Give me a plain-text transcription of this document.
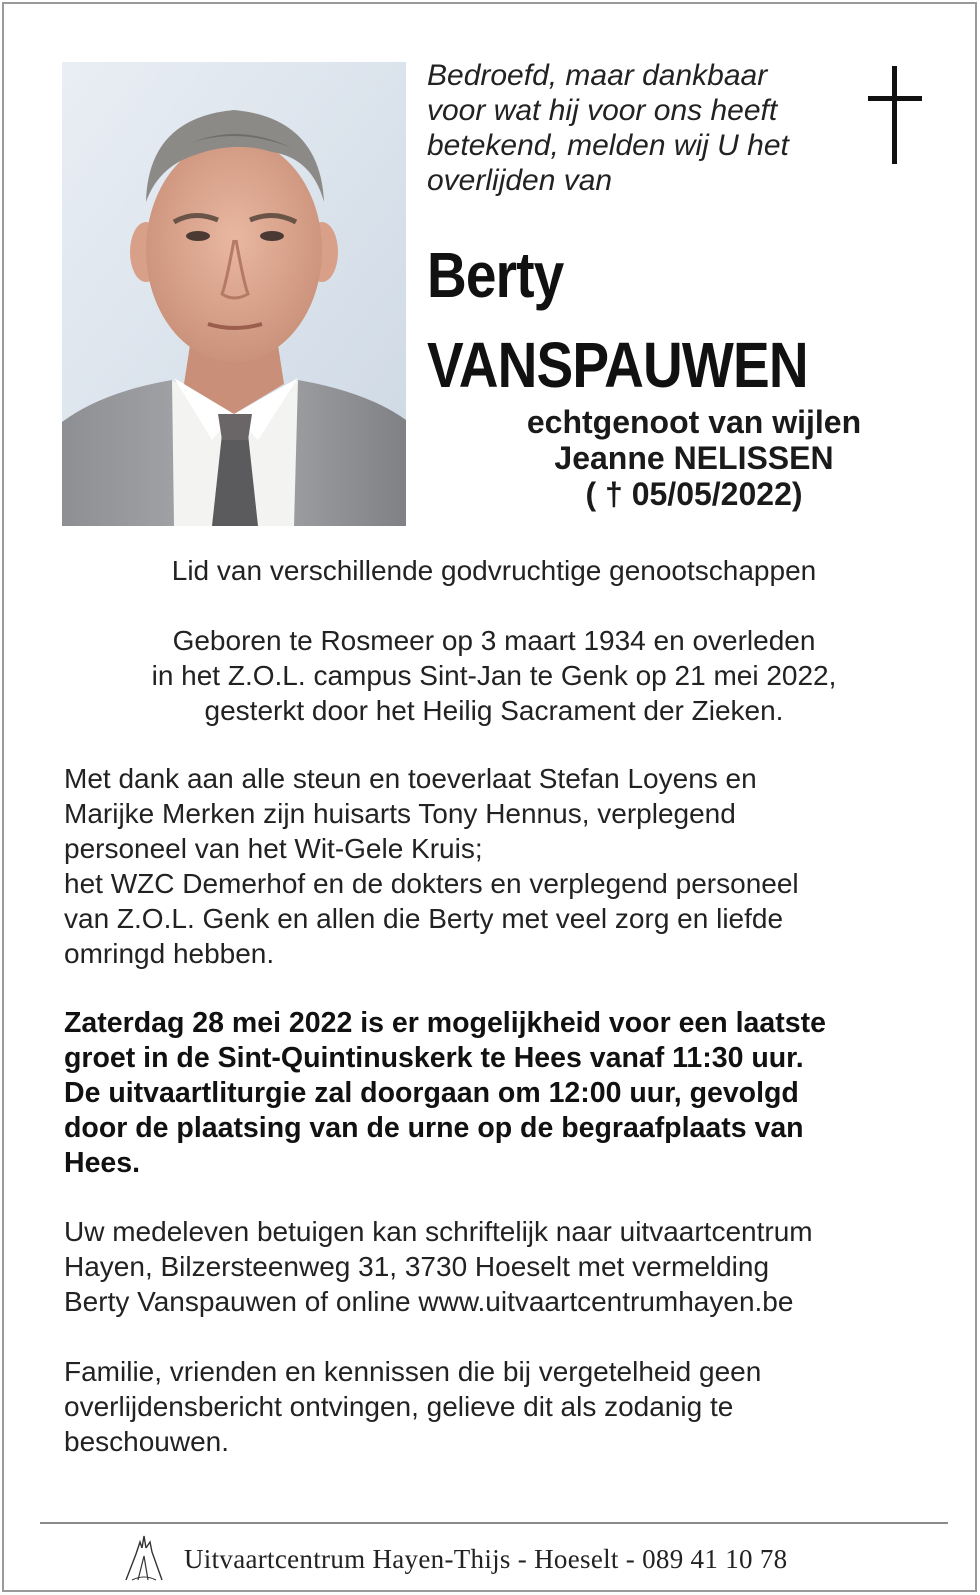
Bedroefd, maar dankbaar
voor wat hij voor ons heeft
betekend, melden wij U het
overlijden van
Berty
VANSPAUWEN
echtgenoot van wijlen
Jeanne NELISSEN
( † 05/05/2022)
Lid van verschillende godvruchtige genootschappen
Geboren te Rosmeer op 3 maart 1934 en overleden
in het Z.O.L. campus Sint-Jan te Genk op 21 mei 2022,
gesterkt door het Heilig Sacrament der Zieken.
Met dank aan alle steun en toeverlaat Stefan Loyens en
Marijke Merken zijn huisarts Tony Hennus, verplegend
personeel van het Wit-Gele Kruis;
het WZC Demerhof en de dokters en verplegend personeel
van Z.O.L. Genk en allen die Berty met veel zorg en liefde
omringd hebben.
Zaterdag 28 mei 2022 is er mogelijkheid voor een laatste
groet in de Sint-Quintinuskerk te Hees vanaf 11:30 uur.
De uitvaartliturgie zal doorgaan om 12:00 uur, gevolgd
door de plaatsing van de urne op de begraafplaats van
Hees.
Uw medeleven betuigen kan schriftelijk naar uitvaartcentrum
Hayen, Bilzersteenweg 31, 3730 Hoeselt met vermelding
Berty Vanspauwen of online www.uitvaartcentrumhayen.be
Familie, vrienden en kennissen die bij vergetelheid geen
overlijdensbericht ontvingen, gelieve dit als zodanig te
beschouwen.
Uitvaartcentrum Hayen-Thijs - Hoeselt - 089 41 10 78
